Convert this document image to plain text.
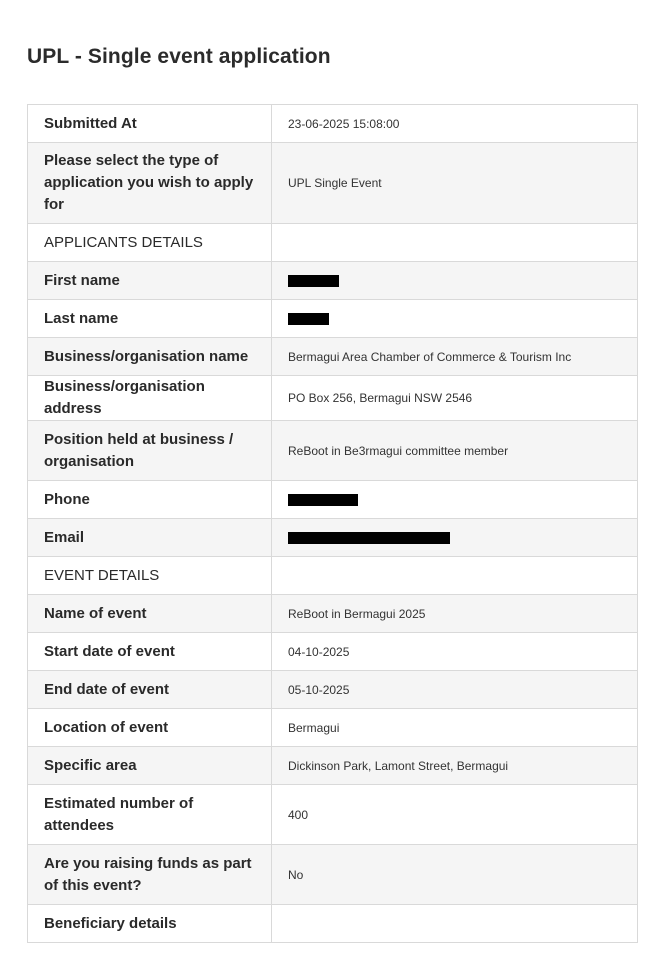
UPL - Single event application
Submitted At	23-06-2025 15:08:00
Please select the type of application you wish to apply for	UPL Single Event
APPLICANTS DETAILS	
First name	
Last name	
Business/organisation name	Bermagui Area Chamber of Commerce & Tourism Inc
Business/organisation address	PO Box 256, Bermagui NSW 2546
Position held at business / organisation	ReBoot in Be3rmagui committee member
Phone	
Email	
EVENT DETAILS	
Name of event	ReBoot in Bermagui 2025
Start date of event	04-10-2025
End date of event	05-10-2025
Location of event	Bermagui
Specific area	Dickinson Park, Lamont Street, Bermagui
Estimated number of attendees	400
Are you raising funds as part of this event?	No
Beneficiary details	
